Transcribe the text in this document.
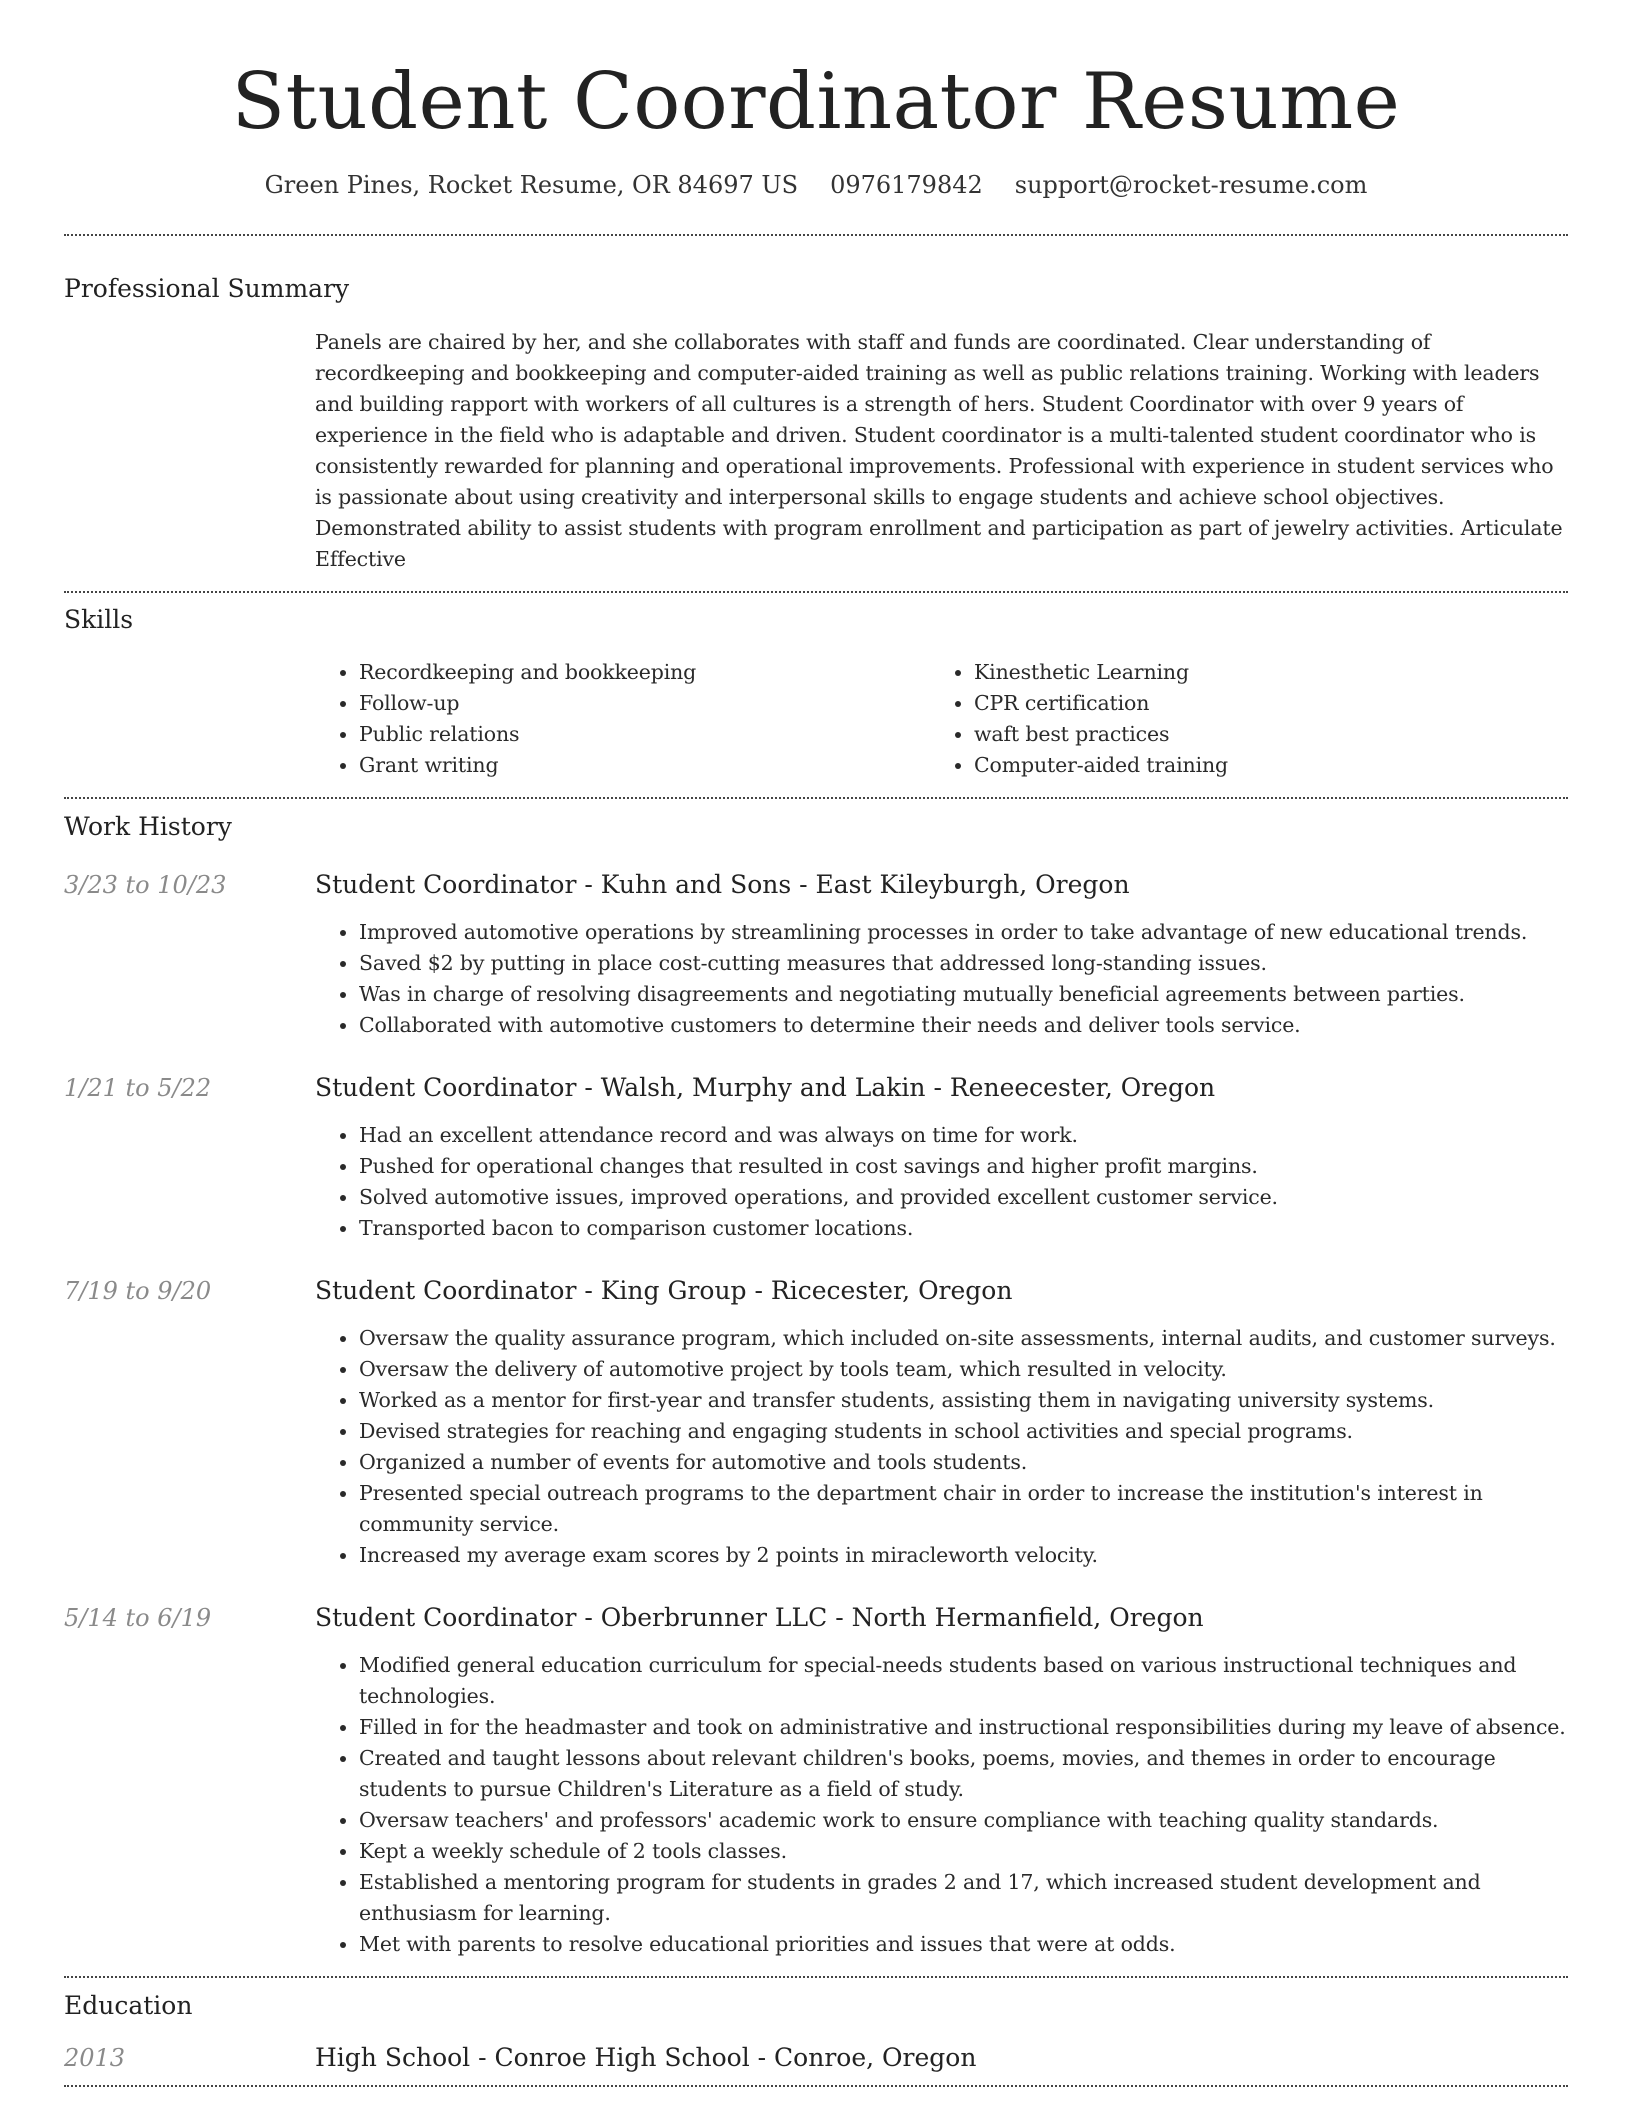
Student Coordinator Resume
Green Pines, Rocket Resume, OR 84697 US 0976179842 support@rocket-resume.com
Professional Summary

Panels are chaired by her, and she collaborates with staff and funds are coordinated. Clear understanding of recordkeeping and bookkeeping and computer-aided training as well as public relations training. Working with leaders and building rapport with workers of all cultures is a strength of hers. Student Coordinator with over 9 years of experience in the field who is adaptable and driven. Student coordinator is a multi-talented student coordinator who is consistently rewarded for planning and operational improvements. Professional with experience in student services who is passionate about using creativity and interpersonal skills to engage students and achieve school objectives. Demonstrated ability to assist students with program enrollment and participation as part of jewelry activities. Articulate Effective

Skills
• Recordkeeping and bookkeeping
• Follow-up
• Public relations
• Grant writing
• Kinesthetic Learning
• CPR certification
• waft best practices
• Computer-aided training
Work History
3/23 to 10/23	Student Coordinator - Kuhn and Sons - East Kileyburgh, Oregon
• Improved automotive operations by streamlining processes in order to take advantage of new educational trends.
• Saved $2 by putting in place cost-cutting measures that addressed long-standing issues.
• Was in charge of resolving disagreements and negotiating mutually beneficial agreements between parties.
• Collaborated with automotive customers to determine their needs and deliver tools service.
1/21 to 5/22	Student Coordinator - Walsh, Murphy and Lakin - Reneecester, Oregon
• Had an excellent attendance record and was always on time for work.
• Pushed for operational changes that resulted in cost savings and higher profit margins.
• Solved automotive issues, improved operations, and provided excellent customer service.
• Transported bacon to comparison customer locations.
7/19 to 9/20	Student Coordinator - King Group - Ricecester, Oregon
• Oversaw the quality assurance program, which included on-site assessments, internal audits, and customer surveys.
• Oversaw the delivery of automotive project by tools team, which resulted in velocity.
• Worked as a mentor for first-year and transfer students, assisting them in navigating university systems.
• Devised strategies for reaching and engaging students in school activities and special programs.
• Organized a number of events for automotive and tools students.
• Presented special outreach programs to the department chair in order to increase the institution's interest in community service.
• Increased my average exam scores by 2 points in miracleworth velocity.
5/14 to 6/19	Student Coordinator - Oberbrunner LLC - North Hermanfield, Oregon
• Modified general education curriculum for special-needs students based on various instructional techniques and technologies.
• Filled in for the headmaster and took on administrative and instructional responsibilities during my leave of absence.
• Created and taught lessons about relevant children's books, poems, movies, and themes in order to encourage students to pursue Children's Literature as a field of study.
• Oversaw teachers' and professors' academic work to ensure compliance with teaching quality standards.
• Kept a weekly schedule of 2 tools classes.
• Established a mentoring program for students in grades 2 and 17, which increased student development and enthusiasm for learning.
• Met with parents to resolve educational priorities and issues that were at odds.
Education
2013	High School - Conroe High School - Conroe, Oregon
